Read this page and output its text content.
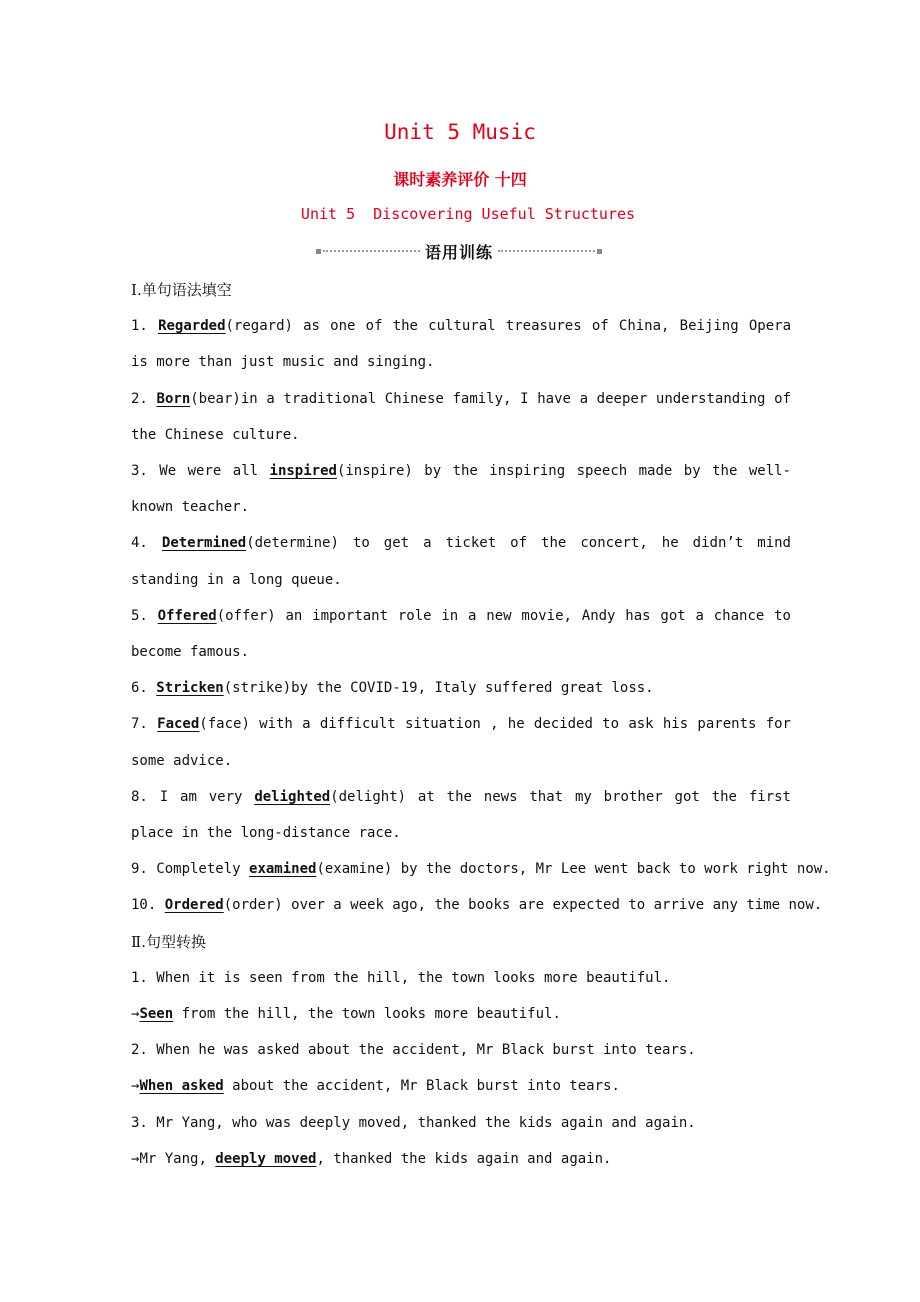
Unit 5 Music
课时素养评价 十四
Unit 5  Discovering Useful Structures
语用训练
Ⅰ.单句语法填空
1. Regarded(regard) as one of the cultural treasures of China, Beijing Opera is more than just music and singing.
2. Born(bear)in a traditional Chinese family, I have a deeper understanding of the Chinese culture.
3. We were all inspired(inspire) by the inspiring speech made by the well-known teacher.
4. Determined(determine) to get a ticket of the concert, he didn’t mind standing in a long queue.
5. Offered(offer) an important role in a new movie, Andy has got a chance to become famous.
6. Stricken(strike)by the COVID-19, Italy suffered great loss.
7. Faced(face) with a difficult situation , he decided to ask his parents for some advice.
8. I am very delighted(delight) at the news that my brother got the first place in the long-distance race.
9. Completely examined(examine) by the doctors, Mr Lee went back to work right now.
10. Ordered(order) over a week ago, the books are expected to arrive any time now.
Ⅱ.句型转换
1. When it is seen from the hill, the town looks more beautiful.
→Seen from the hill, the town looks more beautiful.
2. When he was asked about the accident, Mr Black burst into tears.
→When asked about the accident, Mr Black burst into tears.
3. Mr Yang, who was deeply moved, thanked the kids again and again.
→Mr Yang, deeply moved, thanked the kids again and again.
